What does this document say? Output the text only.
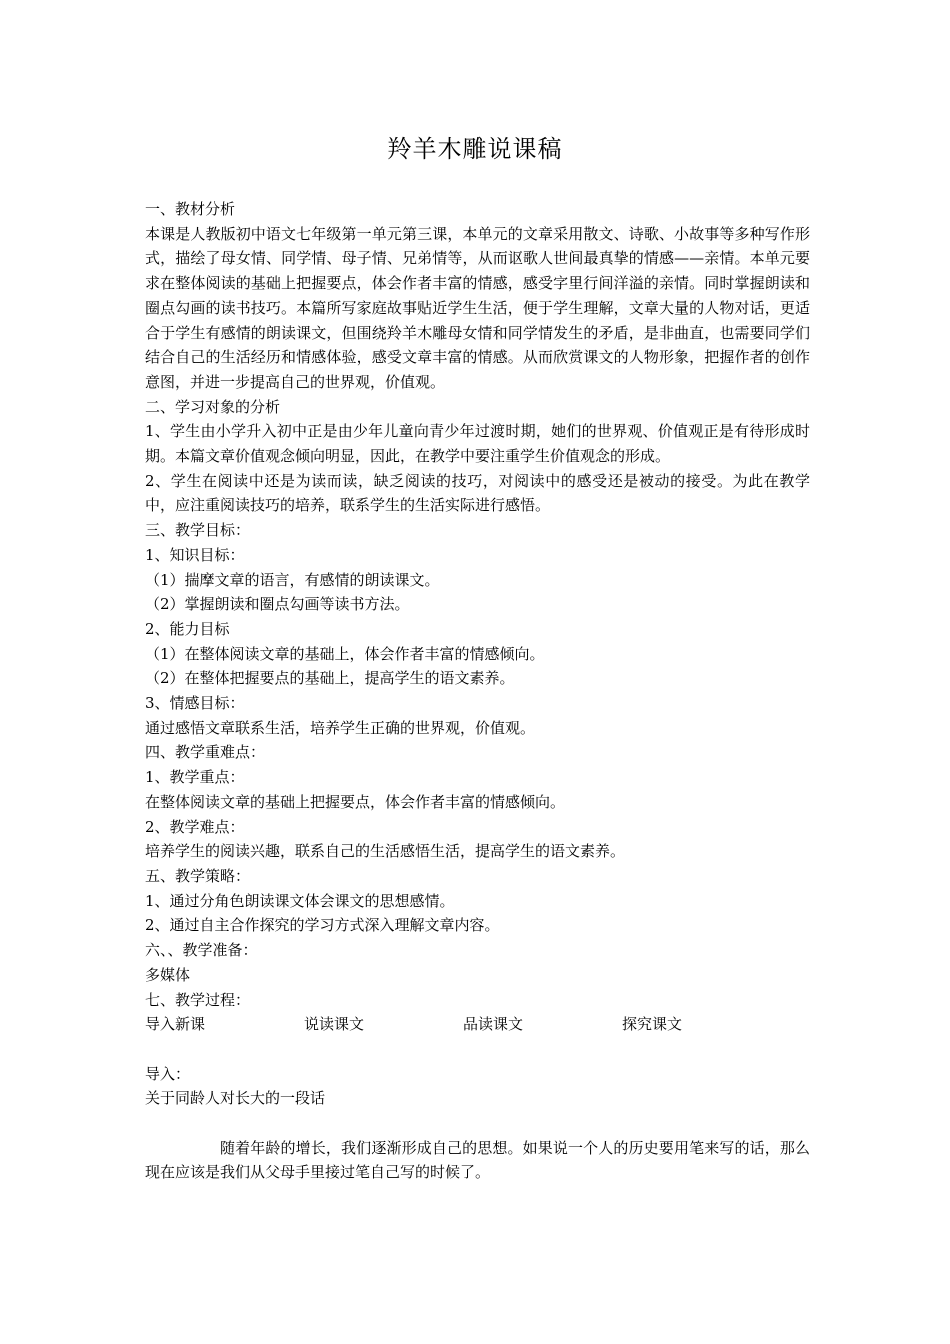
羚羊木雕说课稿
一、教材分析
本课是人教版初中语文七年级第一单元第三课，本单元的文章采用散文、诗歌、小故事等多种写作形式，描绘了母女情、同学情、母子情、兄弟情等，从而讴歌人世间最真挚的情感——亲情。本单元要求在整体阅读的基础上把握要点，体会作者丰富的情感，感受字里行间洋溢的亲情。同时掌握朗读和圈点勾画的读书技巧。本篇所写家庭故事贴近学生生活，便于学生理解，文章大量的人物对话，更适合于学生有感情的朗读课文，但围绕羚羊木雕母女情和同学情发生的矛盾，是非曲直，也需要同学们结合自己的生活经历和情感体验，感受文章丰富的情感。从而欣赏课文的人物形象，把握作者的创作意图，并进一步提高自己的世界观，价值观。
二、学习对象的分析
1、学生由小学升入初中正是由少年儿童向青少年过渡时期，她们的世界观、价值观正是有待形成时期。本篇文章价值观念倾向明显，因此，在教学中要注重学生价值观念的形成。
2、学生在阅读中还是为读而读，缺乏阅读的技巧，对阅读中的感受还是被动的接受。为此在教学中，应注重阅读技巧的培养，联系学生的生活实际进行感悟。
三、教学目标：
1、知识目标：
（1）揣摩文章的语言，有感情的朗读课文。
（2）掌握朗读和圈点勾画等读书方法。
2、能力目标
（1）在整体阅读文章的基础上，体会作者丰富的情感倾向。
（2）在整体把握要点的基础上，提高学生的语文素养。
3、情感目标：
通过感悟文章联系生活，培养学生正确的世界观，价值观。
四、教学重难点：
1、教学重点：
在整体阅读文章的基础上把握要点，体会作者丰富的情感倾向。
2、教学难点：
培养学生的阅读兴趣，联系自己的生活感悟生活，提高学生的语文素养。
五、教学策略：
1、通过分角色朗读课文体会课文的思想感情。
2、通过自主合作探究的学习方式深入理解文章内容。
六、、教学准备：
多媒体
七、教学过程：
导入新课	说读课文	品读课文	探究课文
导入：
关于同龄人对长大的一段话
随着年龄的增长，我们逐渐形成自己的思想。如果说一个人的历史要用笔来写的话，那么现在应该是我们从父母手里接过笔自己写的时候了。
